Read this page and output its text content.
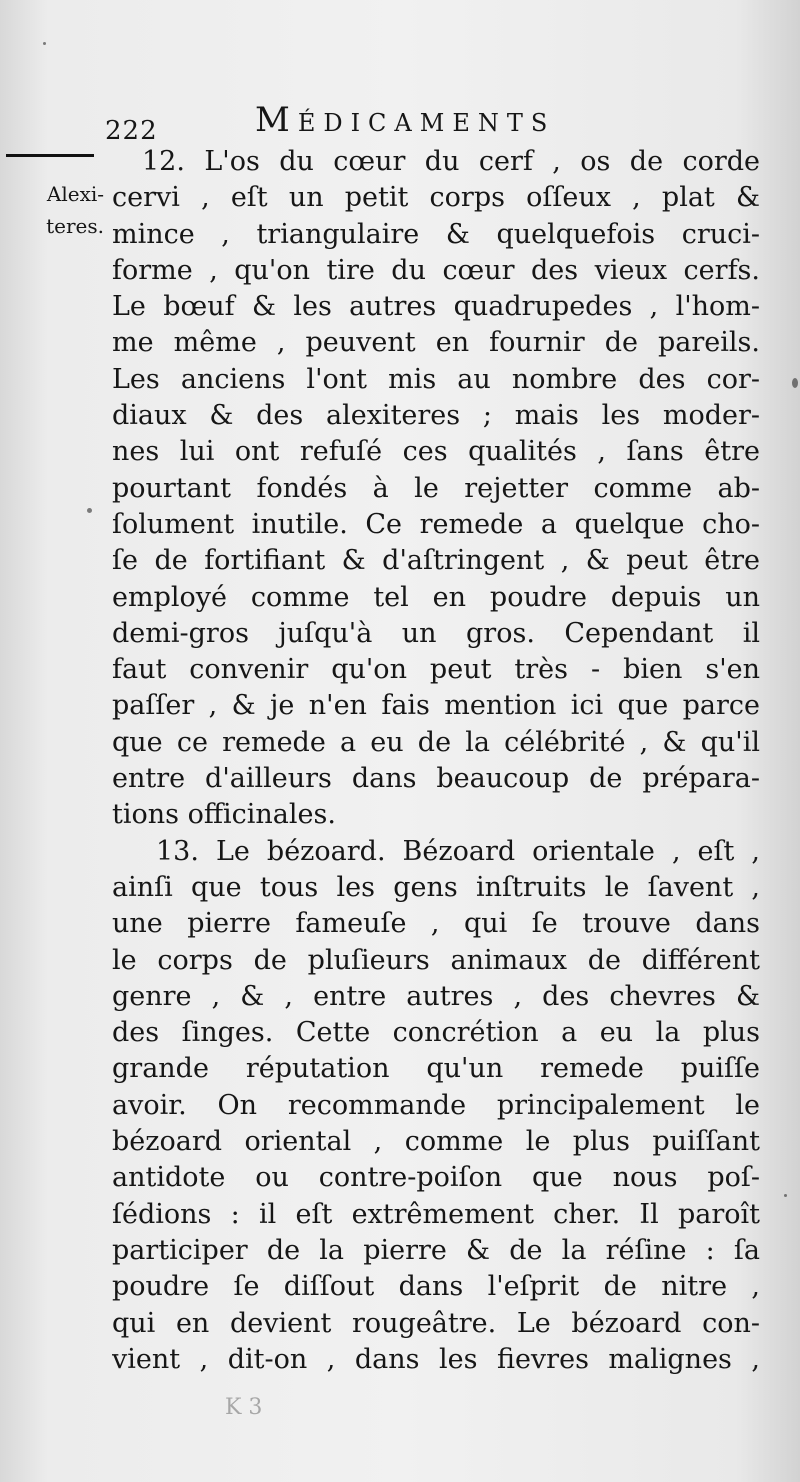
222	Médicaments
Alexi-
teres.
12. L'os du cœur du cerf , os de corde
cervi , eſt un petit corps oſſeux , plat &
mince , triangulaire & quelquefois cruci-
forme , qu'on tire du cœur des vieux cerfs.
Le bœuf & les autres quadrupedes , l'hom-
me même , peuvent en fournir de pareils.
Les anciens l'ont mis au nombre des cor-
diaux & des alexiteres ; mais les moder-
nes lui ont refuſé ces qualités , ſans être
pourtant fondés à le rejetter comme ab-
ſolument inutile. Ce remede a quelque cho-
ſe de fortifiant & d'aſtringent , & peut être
employé comme tel en poudre depuis un
demi-gros juſqu'à un gros. Cependant il
faut convenir qu'on peut très - bien s'en
paſſer , & je n'en fais mention ici que parce
que ce remede a eu de la célébrité , & qu'il
entre d'ailleurs dans beaucoup de prépara-
tions officinales.
13. Le bézoard. Bézoard orientale , eſt ,
ainſi que tous les gens inſtruits le ſavent ,
une pierre fameuſe , qui ſe trouve dans
le corps de pluſieurs animaux de différent
genre , & , entre autres , des chevres &
des ſinges. Cette concrétion a eu la plus
grande réputation qu'un remede puiſſe
avoir. On recommande principalement le
bézoard oriental , comme le plus puiſſant
antidote ou contre-poiſon que nous poſ-
ſédions : il eſt extrêmement cher. Il paroît
participer de la pierre & de la réſine : ſa
poudre ſe diſſout dans l'eſprit de nitre ,
qui en devient rougeâtre. Le bézoard con-
vient , dit-on , dans les fievres malignes ,
K 3
